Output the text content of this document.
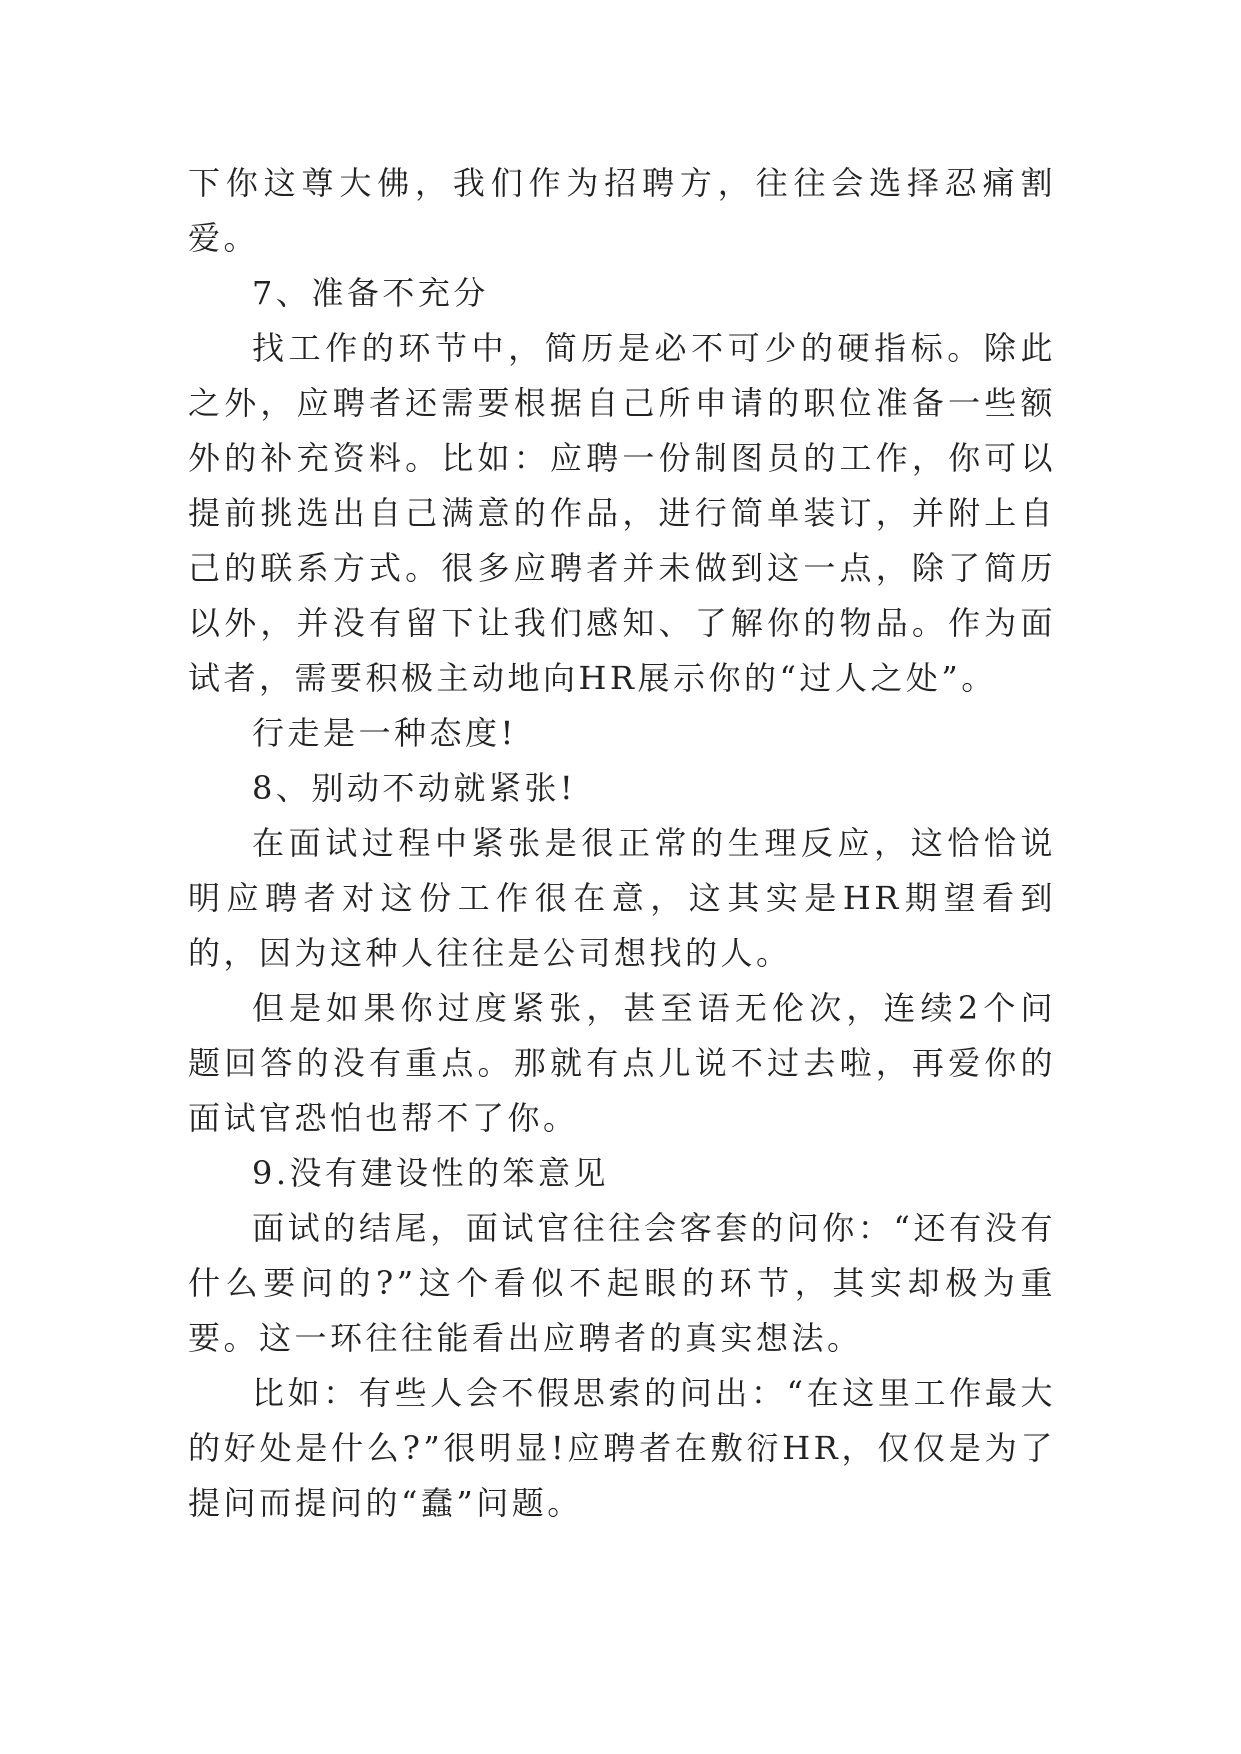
下你这尊大佛，我们作为招聘方，往往会选择忍痛割爱。

7、准备不充分

找工作的环节中，简历是必不可少的硬指标。除此之外，应聘者还需要根据自己所申请的职位准备一些额外的补充资料。比如：应聘一份制图员的工作，你可以提前挑选出自己满意的作品，进行简单装订，并附上自己的联系方式。很多应聘者并未做到这一点，除了简历以外，并没有留下让我们感知、了解你的物品。作为面试者，需要积极主动地向HR展示你的“过人之处”。

行走是一种态度!

8、别动不动就紧张!

在面试过程中紧张是很正常的生理反应，这恰恰说明应聘者对这份工作很在意，这其实是HR期望看到的，因为这种人往往是公司想找的人。

但是如果你过度紧张，甚至语无伦次，连续2个问题回答的没有重点。那就有点儿说不过去啦，再爱你的面试官恐怕也帮不了你。

9.没有建设性的笨意见

面试的结尾，面试官往往会客套的问你：“还有没有什么要问的?”这个看似不起眼的环节，其实却极为重要。这一环往往能看出应聘者的真实想法。

比如：有些人会不假思索的问出：“在这里工作最大的好处是什么?”很明显!应聘者在敷衍HR，仅仅是为了提问而提问的“蠢”问题。
